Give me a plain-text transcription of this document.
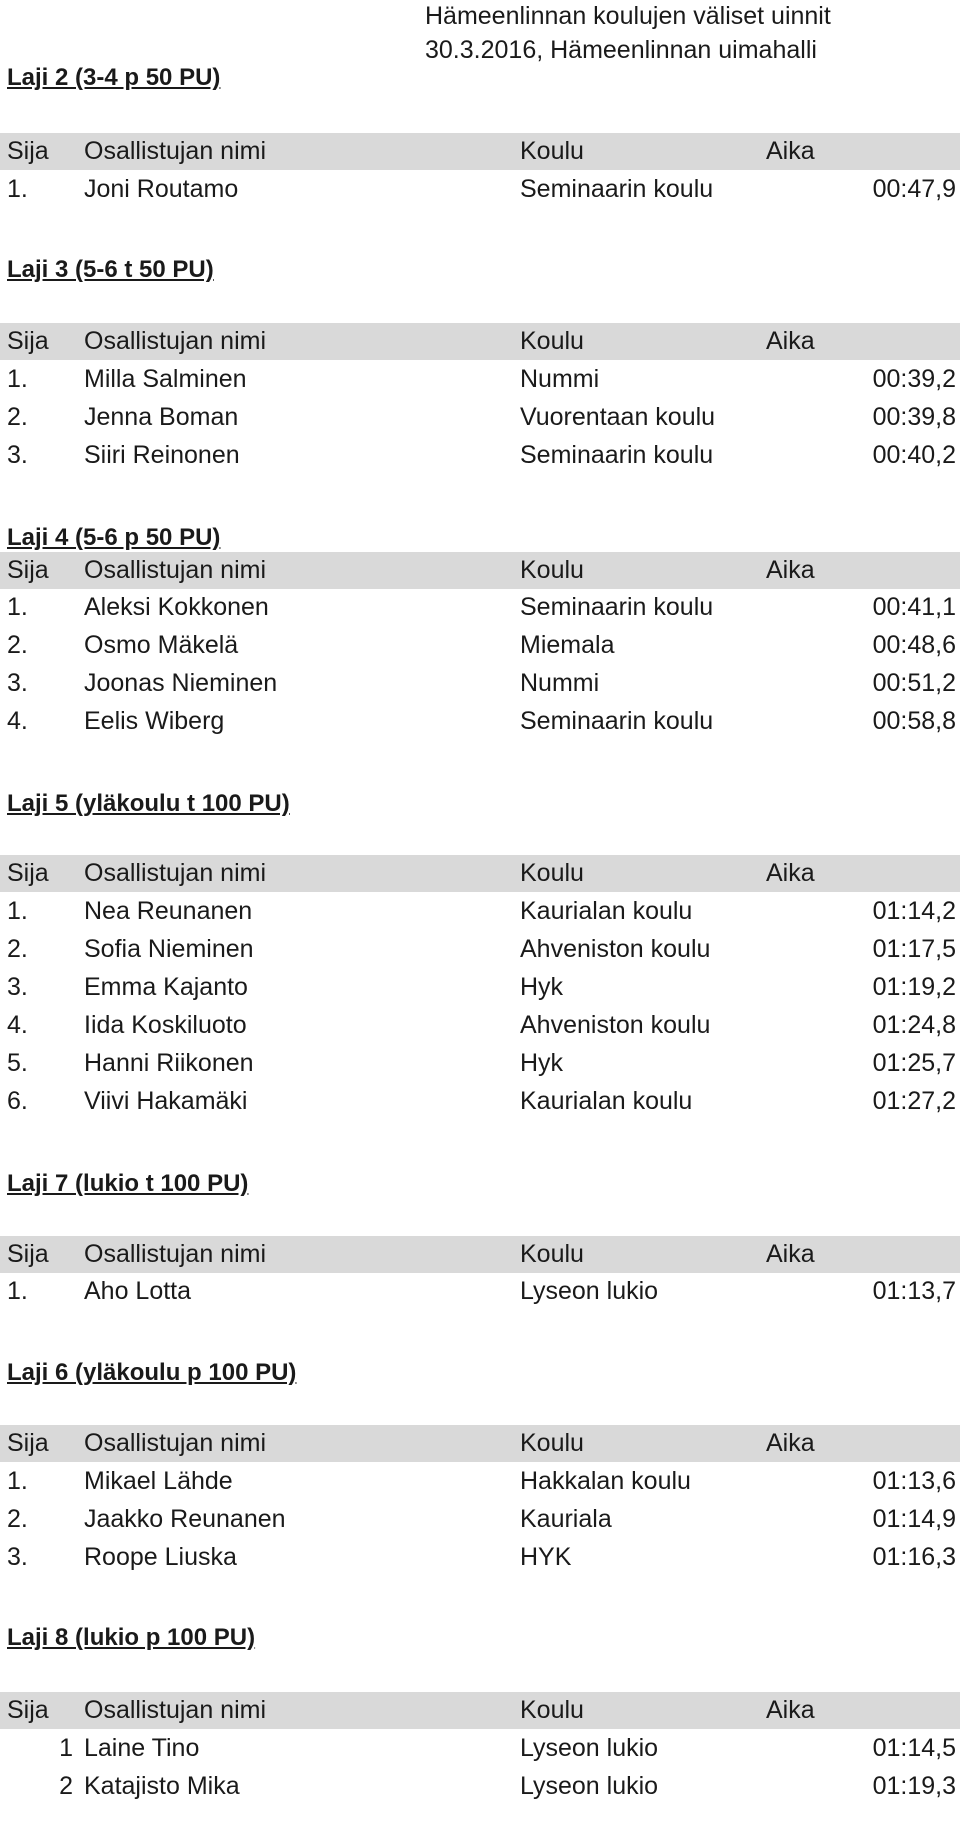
Hämeenlinnan koulujen väliset uinnit
30.3.2016, Hämeenlinnan uimahalli
Laji 2 (3-4 p 50 PU)
Sija Osallistujan nimi	Koulu	Aika
1. Joni Routamo	Seminaarin koulu	00:47,9
Laji 3 (5-6 t 50 PU)
Sija Osallistujan nimi	Koulu	Aika
1. Milla Salminen	Nummi	00:39,2
2. Jenna Boman	Vuorentaan koulu	00:39,8
3. Siiri Reinonen	Seminaarin koulu	00:40,2
Laji 4 (5-6 p 50 PU)
Sija Osallistujan nimi	Koulu	Aika
1. Aleksi Kokkonen	Seminaarin koulu	00:41,1
2. Osmo Mäkelä	Miemala	00:48,6
3. Joonas Nieminen	Nummi	00:51,2
4. Eelis Wiberg	Seminaarin koulu	00:58,8
Laji 5 (yläkoulu t 100 PU)
Sija Osallistujan nimi	Koulu	Aika
1. Nea Reunanen	Kaurialan koulu	01:14,2
2. Sofia Nieminen	Ahveniston koulu	01:17,5
3. Emma Kajanto	Hyk	01:19,2
4. Iida Koskiluoto	Ahveniston koulu	01:24,8
5. Hanni Riikonen	Hyk	01:25,7
6. Viivi Hakamäki	Kaurialan koulu	01:27,2
Laji 7 (lukio t 100 PU)
Sija Osallistujan nimi	Koulu	Aika
1. Aho Lotta	Lyseon lukio	01:13,7
Laji 6 (yläkoulu p 100 PU)
Sija Osallistujan nimi	Koulu	Aika
1. Mikael Lähde	Hakkalan koulu	01:13,6
2. Jaakko Reunanen	Kauriala	01:14,9
3. Roope Liuska	HYK	01:16,3
Laji 8 (lukio p 100 PU)
Sija Osallistujan nimi	Koulu	Aika
1 Laine Tino	Lyseon lukio	01:14,5
2 Katajisto Mika	Lyseon lukio	01:19,3
